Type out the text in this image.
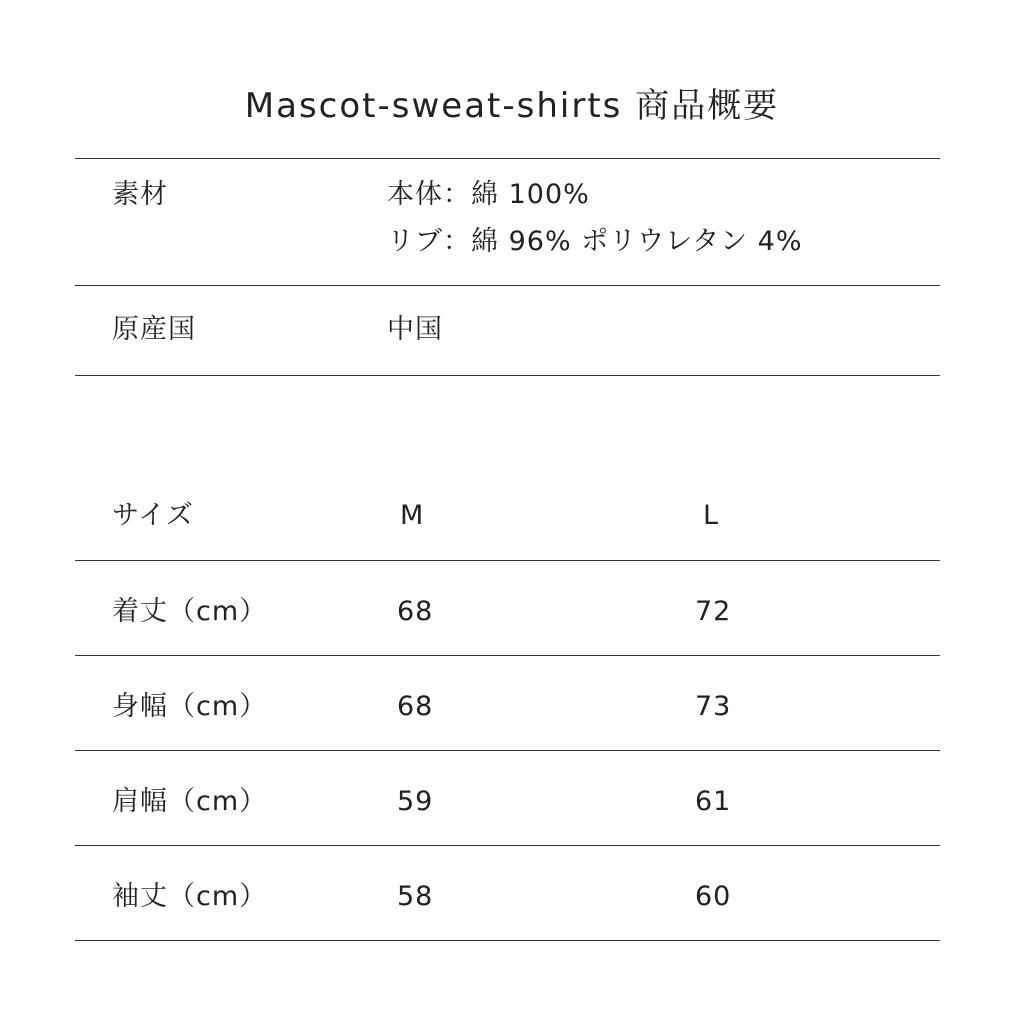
Mascot-sweat-shirts 商品概要
素材	本体：綿 100%
リブ：綿 96% ポリウレタン 4%
原産国	中国
サイズ	M	L
着丈（cm）	68	72
身幅（cm）	68	73
肩幅（cm）	59	61
袖丈（cm）	58	60
